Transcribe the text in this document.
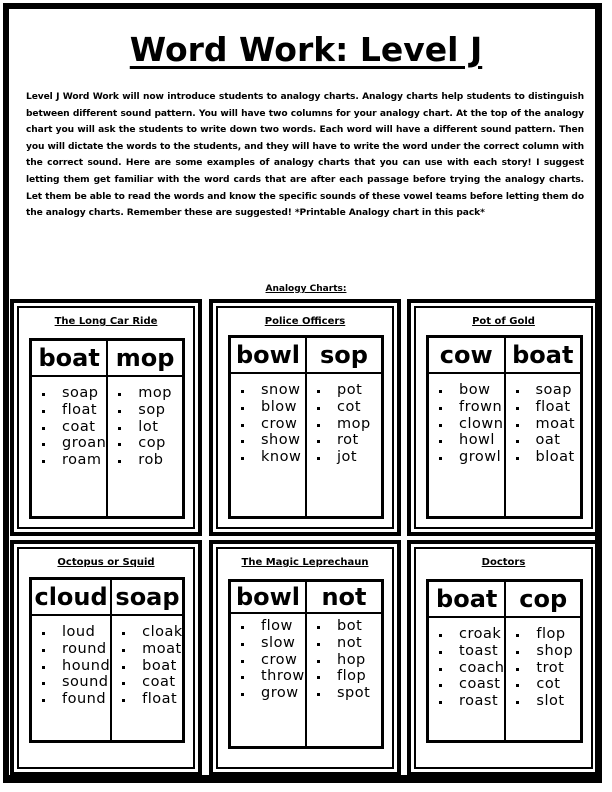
Word Work: Level J
Level J Word Work will now introduce students to analogy charts. Analogy charts help students to distinguish between different sound pattern. You will have two columns for your analogy chart. At the top of the analogy chart you will ask the students to write down two words. Each word will have a different sound pattern. Then you will dictate the words to the students, and they will have to write the word under the correct column with the correct sound. Here are some examples of analogy charts that you can use with each story! I suggest letting them get familiar with the word cards that are after each passage before trying the analogy charts. Let them be able to read the words and know the specific sounds of these vowel teams before letting them do the analogy charts. Remember these are suggested! *Printable Analogy chart in this pack*
Analogy Charts:
The Long Car Ride
boat
soap
float
coat
groan
roam
mop
mop
sop
lot
cop
rob
Police Officers
bowl
snow
blow
crow
show
know
sop
pot
cot
mop
rot
jot
Pot of Gold
cow
bow
frown
clown
howl
growl
boat
soap
float
moat
oat
bloat
Octopus or Squid
cloud
loud
round
hound
sound
found
soap
cloak
moat
boat
coat
float
The Magic Leprechaun
bowl
flow
slow
crow
throw
grow
not
bot
not
hop
flop
spot
Doctors
boat
croak
toast
coach
coast
roast
cop
flop
shop
trot
cot
slot
